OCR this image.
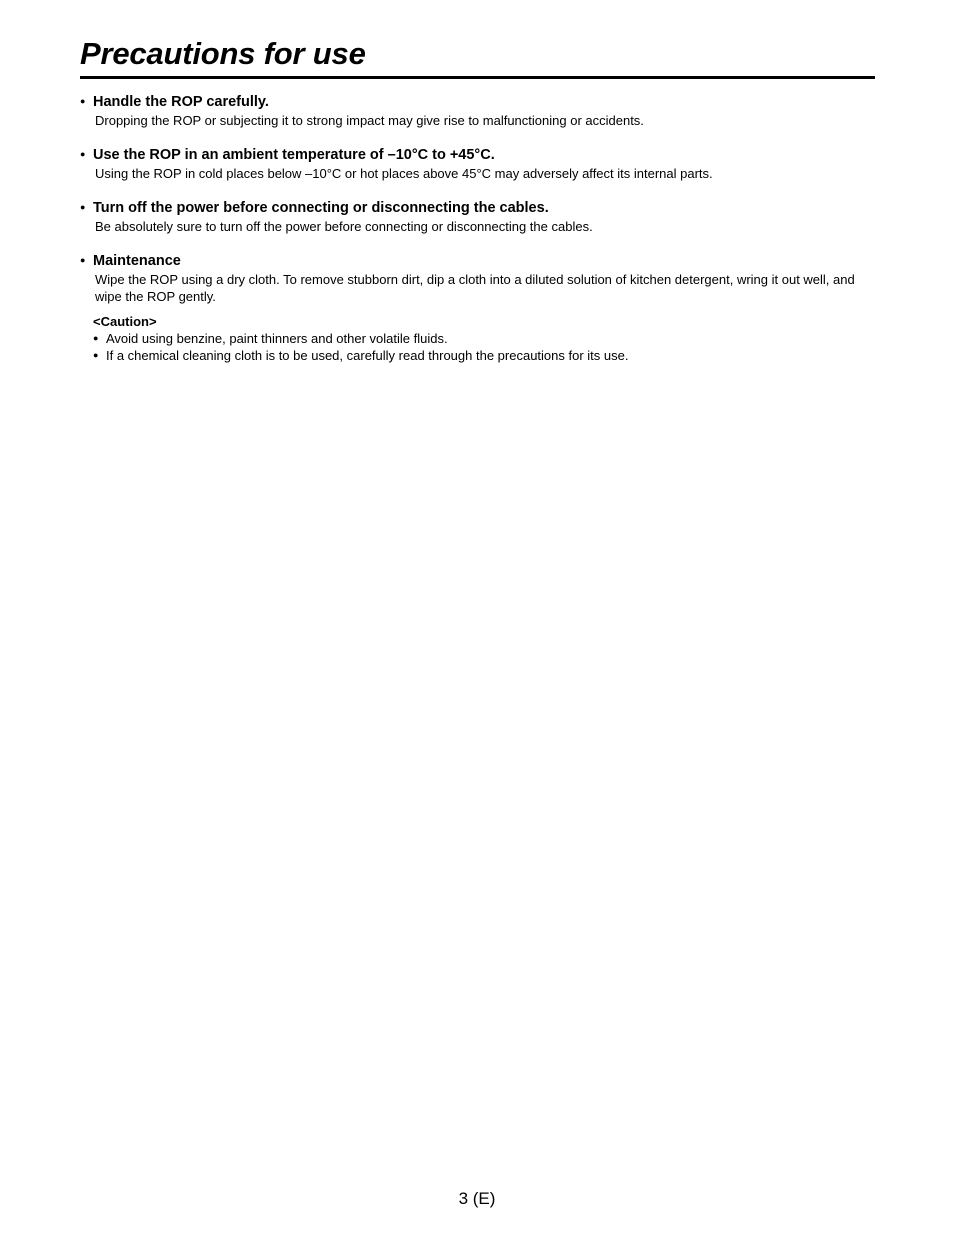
Precautions for use
● Handle the ROP carefully.
Dropping the ROP or subjecting it to strong impact may give rise to malfunctioning or accidents.
● Use the ROP in an ambient temperature of –10°C to +45°C.
Using the ROP in cold places below –10°C or hot places above 45°C may adversely affect its internal parts.
● Turn off the power before connecting or disconnecting the cables.
Be absolutely sure to turn off the power before connecting or disconnecting the cables.
● Maintenance
Wipe the ROP using a dry cloth. To remove stubborn dirt, dip a cloth into a diluted solution of kitchen detergent, wring it out well, and wipe the ROP gently.
<Caution>
● Avoid using benzine, paint thinners and other volatile fluids.
● If a chemical cleaning cloth is to be used, carefully read through the precautions for its use.
3 (E)
